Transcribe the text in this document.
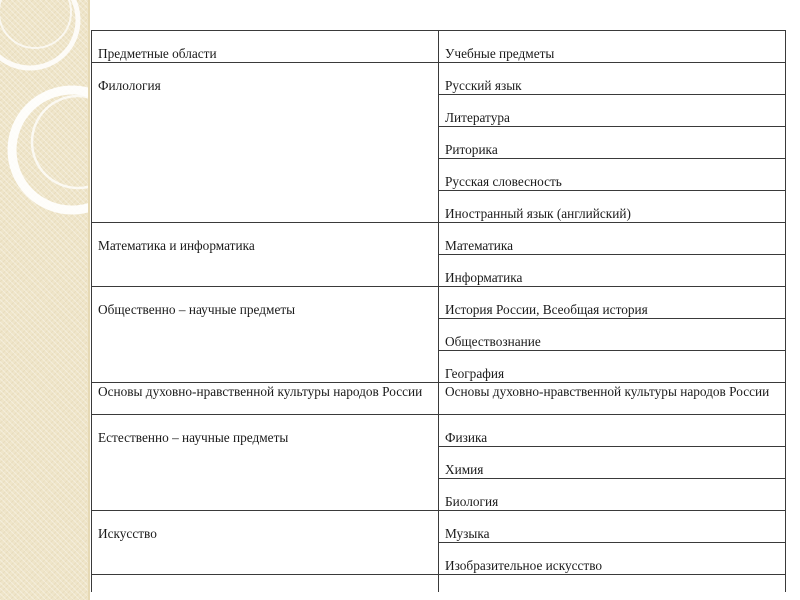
Предметные области	Учебные предметы
Филология	Русский язык
	Литература
	Риторика
	Русская словесность
	Иностранный язык (английский)
Математика и информатика	Математика
	Информатика
Общественно – научные предметы	История России, Всеобщая история
	Обществознание
	География
Основы духовно-нравственной культуры народов России	Основы духовно-нравственной культуры народов России
Естественно – научные предметы	Физика
	Химия
	Биология
Искусство	Музыка
	Изобразительное искусство
